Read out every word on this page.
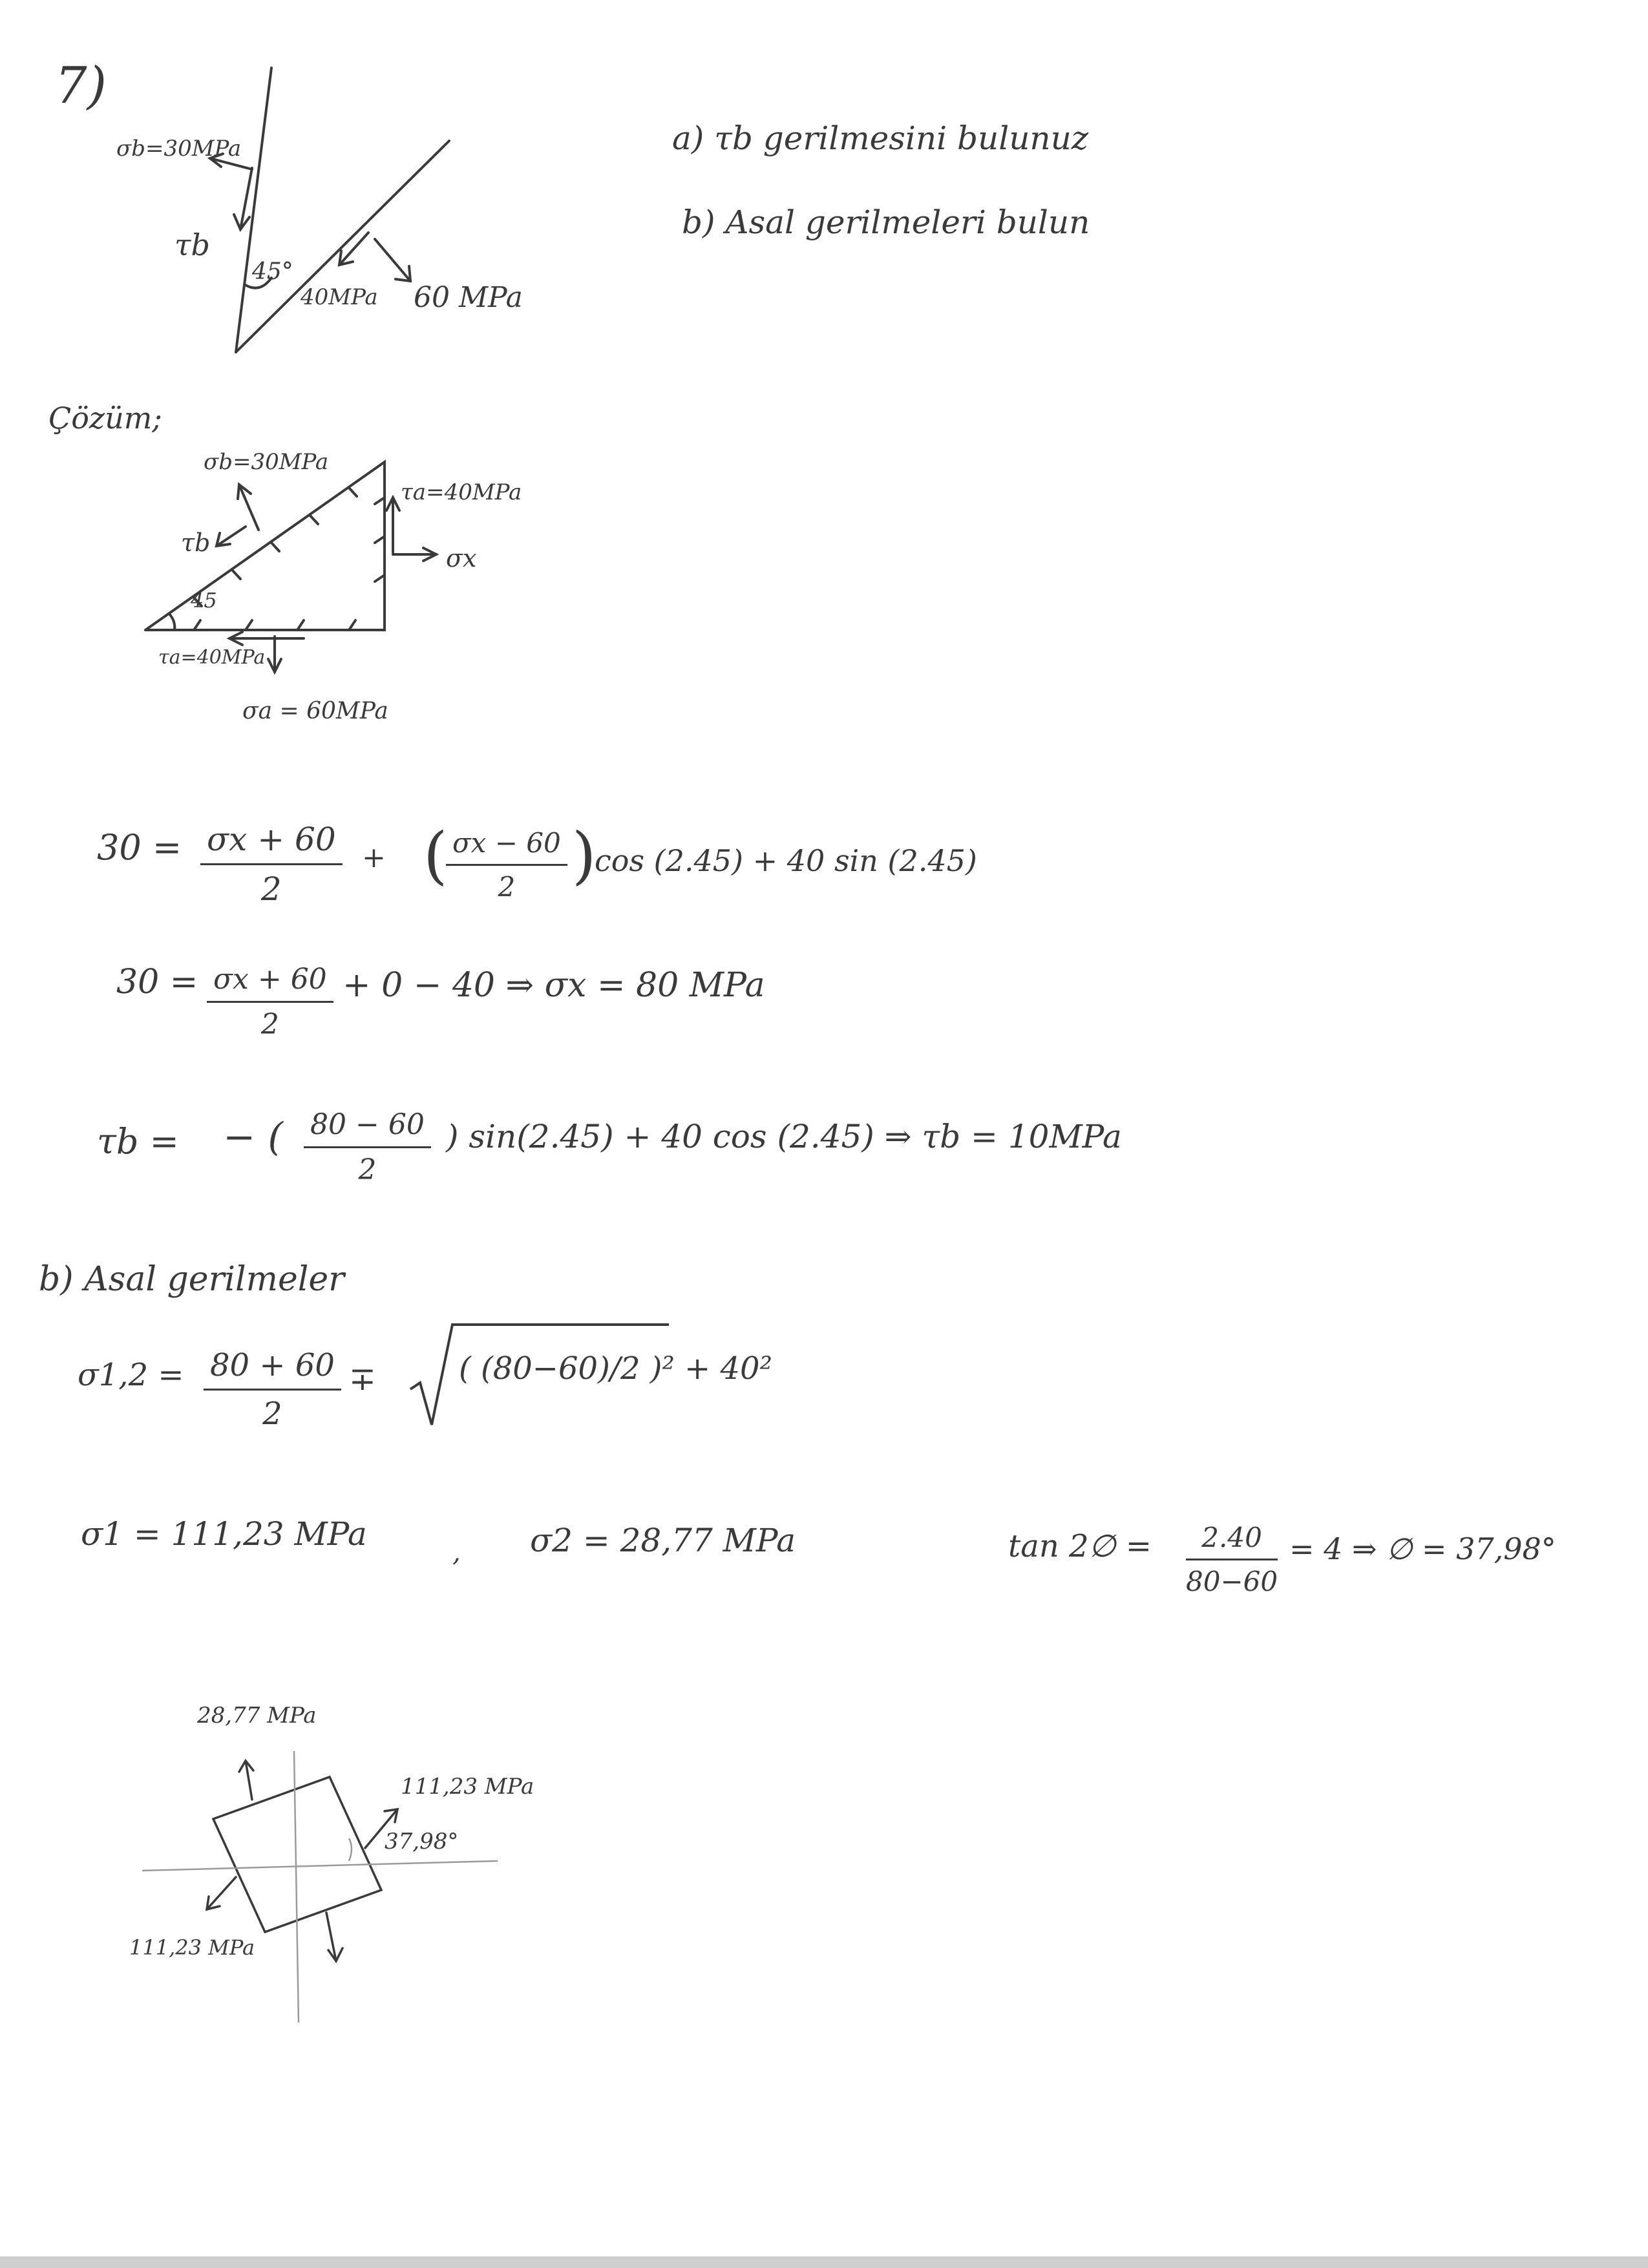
7)
a) τb gerilmesini bulunuz
b) Asal gerilmeleri bulun
σb=30MPa
τb
45°
40MPa 60 MPa
Çözüm;
σb=30MPa
τa=40MPa
σx
τb
45
τa=40MPa
σa = 60MPa
$30 = \frac{\sigma x + 60}{2}$ + (
$\frac{\sigma x - 60}{2}$ )
cos (2.45) + 40 sin (2.45)
$30 = \frac{\sigma x + 60}{2} + 0 - 40$ ⇒ σx = 80 MPa
τb = − ( $\frac{80 - 60}{2}$ ) sin(2.45) + 40 cos (2.45) ⇒ τb = 10MPa
b) Asal gerilmeler
$\sigma 1,2 = \frac{80 + 60}{2}$ ∓	( (80−60)/2 )² + 40²
σ1 = 111,23 MPa	, σ2 = 28,77 MPa	tan 2∅ = $\frac{2.40}{80-60} = 4$ ⇒ ∅ = 37,98°
28,77 MPa
111,23 MPa
37,98°
111,23 MPa
